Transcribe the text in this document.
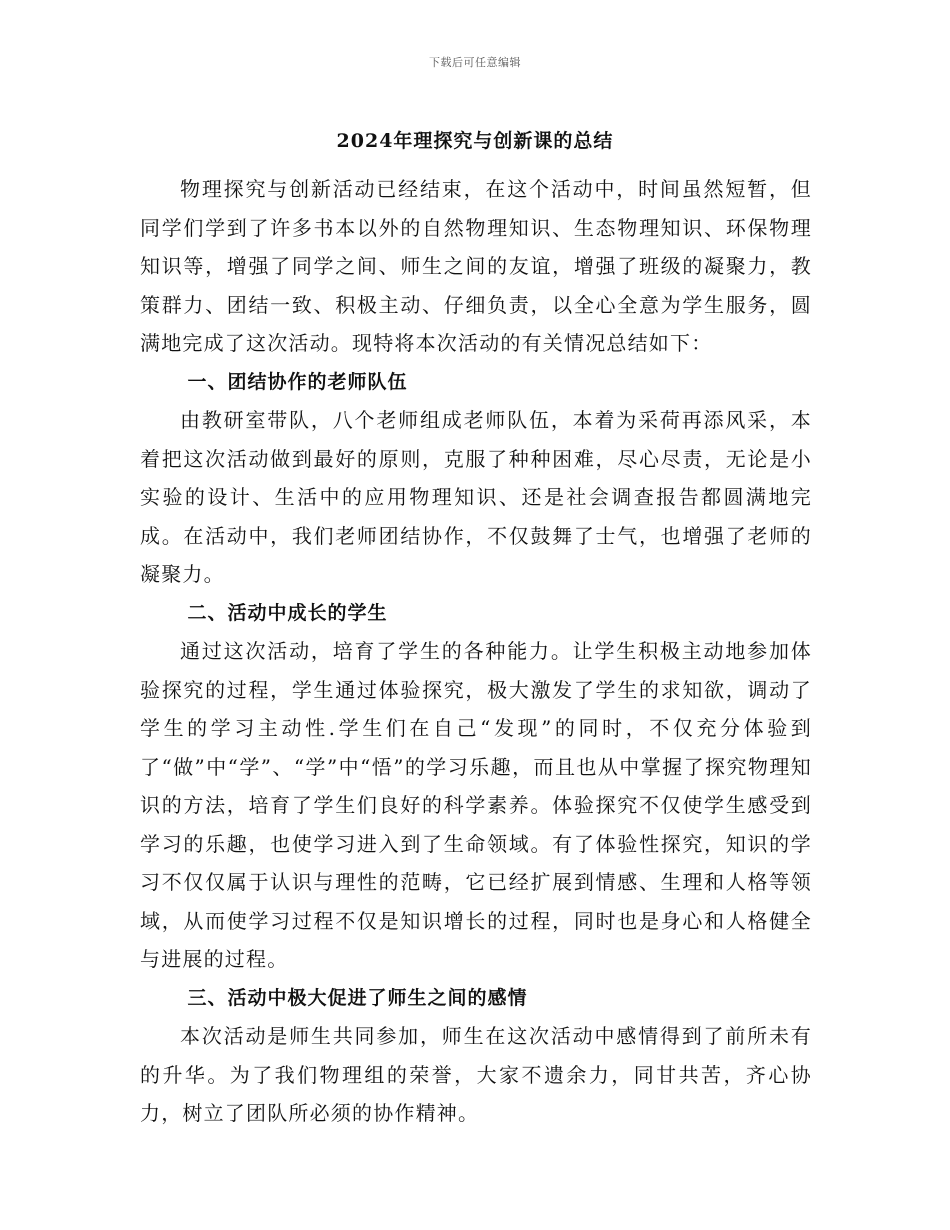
下载后可任意编辑
2024年理探究与创新课的总结

物理探究与创新活动已经结束，在这个活动中，时间虽然短暂，但同学们学到了许多书本以外的自然物理知识、生态物理知识、环保物理知识等，增强了同学之间、师生之间的友谊，增强了班级的凝聚力，教策群力、团结一致、积极主动、仔细负责，以全心全意为学生服务，圆满地完成了这次活动。现特将本次活动的有关情况总结如下：

一、团结协作的老师队伍

由教研室带队，八个老师组成老师队伍，本着为采荷再添风采，本着把这次活动做到最好的原则，克服了种种困难，尽心尽责，无论是小实验的设计、生活中的应用物理知识、还是社会调查报告都圆满地完成。在活动中，我们老师团结协作，不仅鼓舞了士气，也增强了老师的凝聚力。

二、活动中成长的学生

通过这次活动，培育了学生的各种能力。让学生积极主动地参加体验探究的过程，学生通过体验探究，极大激发了学生的求知欲，调动了学生的学习主动性.学生们在自己“发现”的同时，不仅充分体验到了“做”中“学”、“学”中“悟”的学习乐趣，而且也从中掌握了探究物理知识的方法，培育了学生们良好的科学素养。体验探究不仅使学生感受到学习的乐趣，也使学习进入到了生命领域。有了体验性探究，知识的学习不仅仅属于认识与理性的范畴，它已经扩展到情感、生理和人格等领域，从而使学习过程不仅是知识增长的过程，同时也是身心和人格健全与进展的过程。

三、活动中极大促进了师生之间的感情

本次活动是师生共同参加，师生在这次活动中感情得到了前所未有的升华。为了我们物理组的荣誉，大家不遗余力，同甘共苦，齐心协力，树立了团队所必须的协作精神。
